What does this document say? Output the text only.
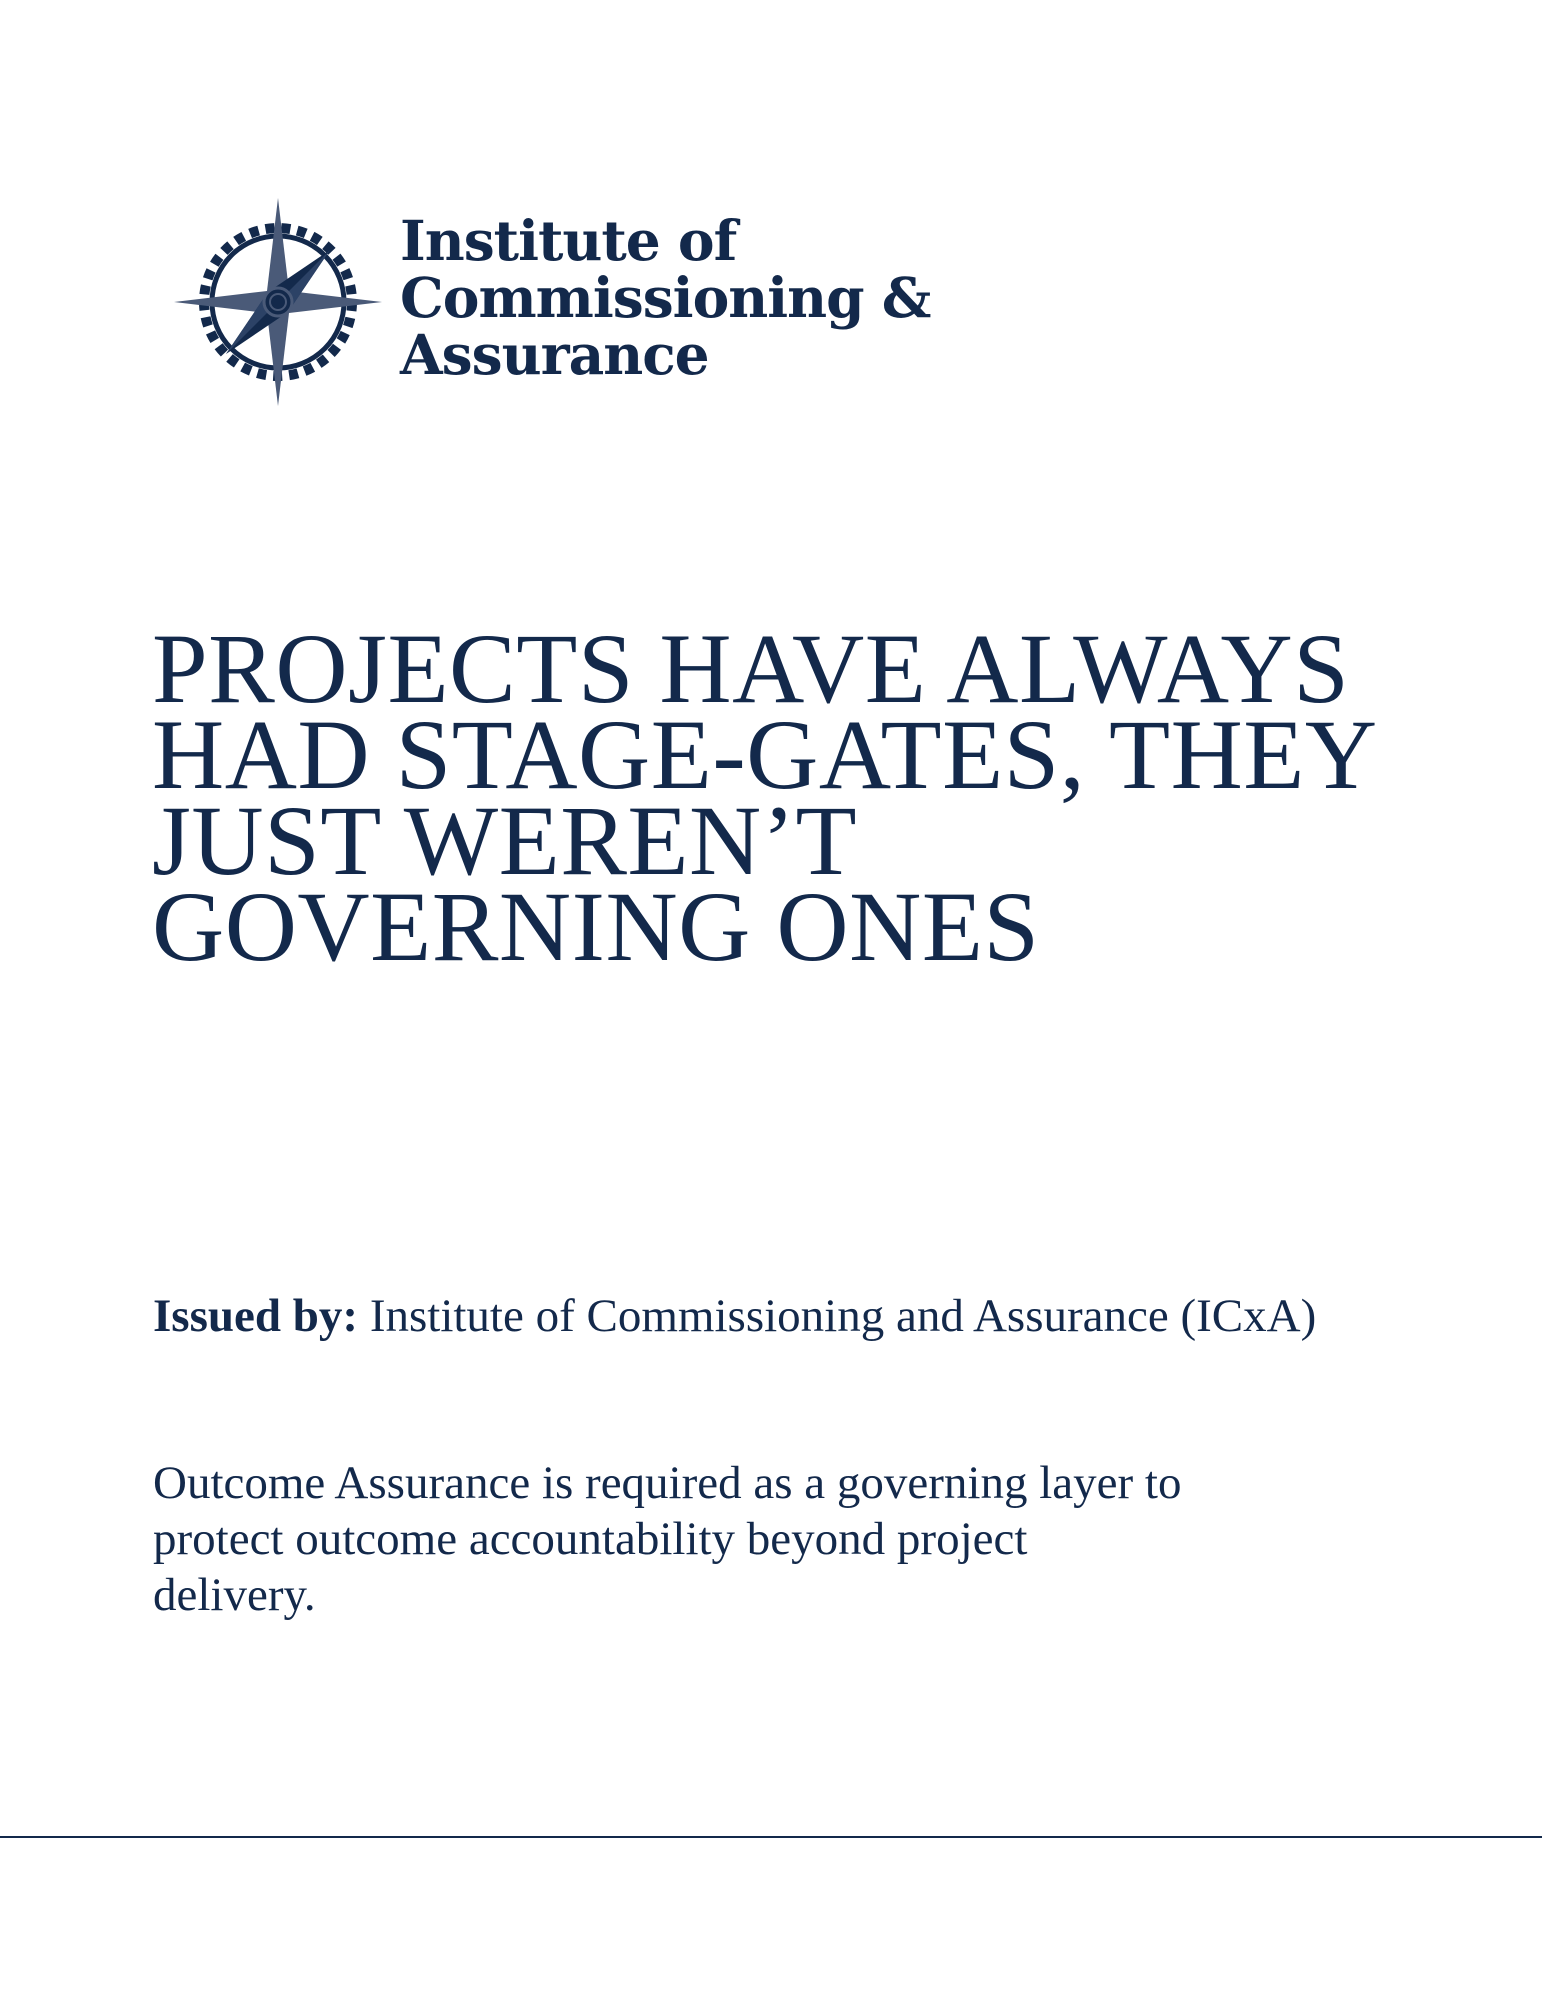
Institute of
Commissioning &
Assurance
PROJECTS HAVE ALWAYS
HAD STAGE-GATES, THEY
JUST WEREN’T
GOVERNING ONES

Issued by: Institute of Commissioning and Assurance (ICxA)

Outcome Assurance is required as a governing layer to
protect outcome accountability beyond project
delivery.
